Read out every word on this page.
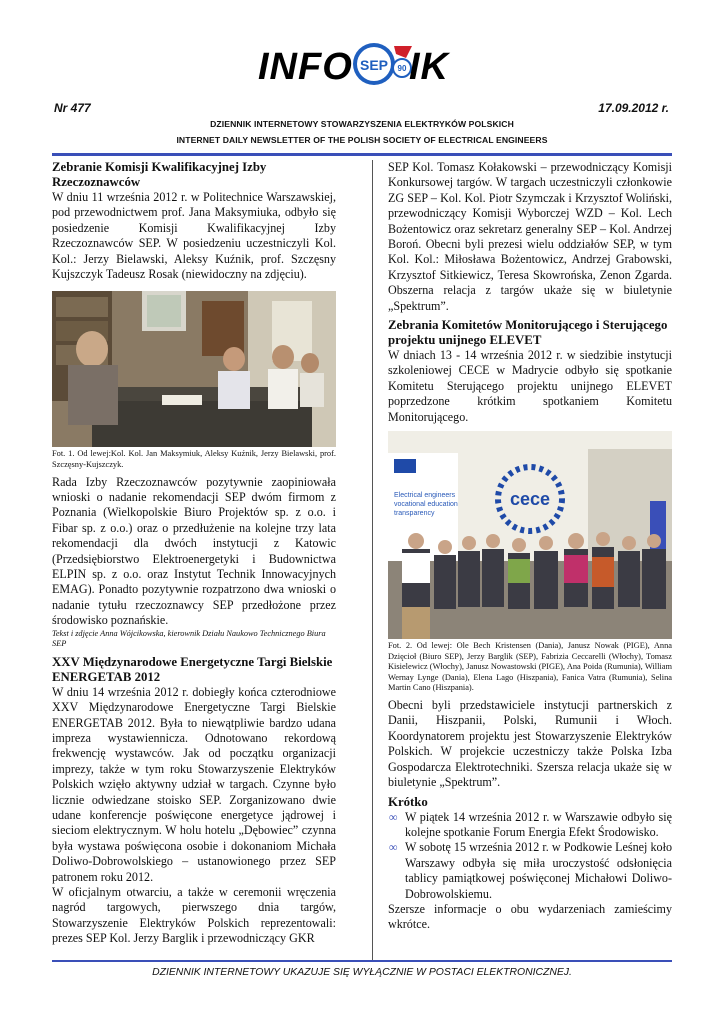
INFO SEP 90 IK
Nr 477	17.09.2012 r.
DZIENNIK INTERNETOWY STOWARZYSZENIA ELEKTRYKÓW POLSKICH
INTERNET DAILY NEWSLETTER OF THE POLISH SOCIETY OF ELECTRICAL ENGINEERS
Zebranie Komisji Kwalifikacyjnej Izby Rzeczoznawców
W dniu 11 września 2012 r. w Politechnice Warszawskiej, pod przewodnictwem prof. Jana Maksymiuka, odbyło się posiedzenie Komisji Kwalifikacyjnej Izby Rzeczoznawców SEP. W posiedzeniu uczestniczyli Kol. Kol.: Jerzy Bielawski, Aleksy Kuźnik, prof. Szczęsny Kujszczyk Tadeusz Rosak (niewidoczny na zdjęciu).
Fot. 1. Od lewej:Kol. Kol. Jan Maksymiuk, Aleksy Kuźnik, Jerzy Bielawski, prof. Szczęsny-Kujszczyk.
Rada Izby Rzeczoznawców pozytywnie zaopiniowała wnioski o nadanie rekomendacji SEP dwóm firmom z Poznania (Wielkopolskie Biuro Projektów sp. z o.o. i Fibar sp. z o.o.) oraz o przedłużenie na kolejne trzy lata rekomendacji dla dwóch instytucji z Katowic (Przedsiębiorstwo Elektroenergetyki i Budownictwa ELPIN sp. z o.o. oraz Instytut Technik Innowacyjnych EMAG). Ponadto pozytywnie rozpatrzono dwa wnioski o nadanie tytułu rzeczoznawcy SEP przedłożone przez środowisko poznańskie.
Tekst i zdjęcie Anna Wójcikowska, kierownik Działu Naukowo Technicznego Biura SEP
XXV Międzynarodowe Energetyczne Targi Bielskie ENERGETAB 2012
W dniu 14 września 2012 r. dobiegły końca czterodniowe XXV Międzynarodowe Energetyczne Targi Bielskie ENERGETAB 2012. Była to niewątpliwie bardzo udana impreza wystawiennicza. Odnotowano rekordową frekwencję wystawców. Jak od początku organizacji imprezy, także w tym roku Stowarzyszenie Elektryków Polskich wzięło aktywny udział w targach. Czynne było licznie odwiedzane stoisko SEP. Zorganizowano dwie udane konferencje poświęcone energetyce jądrowej i sieciom elektrycznym. W holu hotelu „Dębowiec” czynna była wystawa poświęcona osobie i dokonaniom Michała Doliwo-Dobrowolskiego – ustanowionego przez SEP patronem roku 2012.
W oficjalnym otwarciu, a także w ceremonii wręczenia nagród targowych, pierwszego dnia targów, Stowarzyszenie Elektryków Polskich reprezentowali: prezes SEP Kol. Jerzy Barglik i przewodniczący GKR
SEP Kol. Tomasz Kołakowski – przewodniczący Komisji Konkursowej targów. W targach uczestniczyli członkowie ZG SEP – Kol. Kol. Piotr Szymczak i Krzysztof Woliński, przewodniczący Komisji Wyborczej WZD – Kol. Lech Bożentowicz oraz sekretarz generalny SEP – Kol. Andrzej Boroń. Obecni byli prezesi wielu oddziałów SEP, w tym Kol. Kol.: Miłosława Bożentowicz, Andrzej Grabowski, Krzysztof Sitkiewicz, Teresa Skowrońska, Zenon Zgarda. Obszerna relacja z targów ukaże się w biuletynie „Spektrum”.
Zebrania Komitetów Monitorującego i Sterującego projektu unijnego ELEVET
W dniach 13 - 14 września 2012 r. w siedzibie instytucji szkoleniowej CECE w Madrycie odbyło się spotkanie Komitetu Sterującego projektu unijnego ELEVET poprzedzone krótkim spotkaniem Komitetu Monitorującego.
Electrical engineers vocational education transparency
cece
Fot. 2. Od lewej: Ole Bech Kristensen (Dania), Janusz Nowak (PIGE), Anna Dzięcioł (Biuro SEP), Jerzy Barglik (SEP), Fabrizia Ceccarelli (Włochy), Tomasz Kisielewicz (Włochy), Janusz Nowastowski (PIGE), Ana Poida (Rumunia), William Wernay Lynge (Dania), Elena Lago (Hiszpania), Fanica Vatra (Rumunia), Selina Martin Cano (Hiszpania).
Obecni byli przedstawiciele instytucji partnerskich z Danii, Hiszpanii, Polski, Rumunii i Włoch. Koordynatorem projektu jest Stowarzyszenie Elektryków Polskich. W projekcie uczestniczy także Polska Izba Gospodarcza Elektrotechniki. Szersza relacja ukaże się w biuletynie „Spektrum”.
Krótko
∞ W piątek 14 września 2012 r. w Warszawie odbyło się kolejne spotkanie Forum Energia Efekt Środowisko.
∞ W sobotę 15 września 2012 r. w Podkowie Leśnej koło Warszawy odbyła się miła uroczystość odsłonięcia tablicy pamiątkowej poświęconej Michałowi Doliwo-Dobrowolskiemu.
Szersze informacje o obu wydarzeniach zamieścimy wkrótce.
DZIENNIK INTERNETOWY UKAZUJE SIĘ WYŁĄCZNIE W POSTACI ELEKTRONICZNEJ.
